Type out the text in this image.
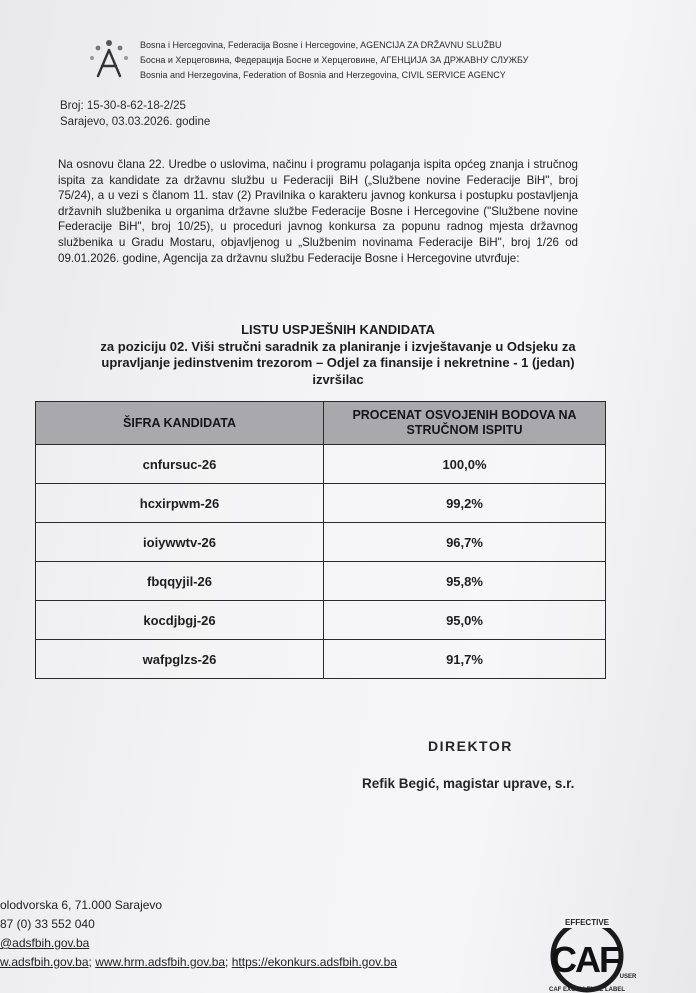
Bosna i Hercegovina, Federacija Bosne i Hercegovine, AGENCIJA ZA DRŽAVNU SLUŽBU
Босна и Херцеговина, Федерација Босне и Херцеговине, АГЕНЦИЈА ЗА ДРЖАВНУ СЛУЖБУ
Bosnia and Herzegovina, Federation of Bosnia and Herzegovina, CIVIL SERVICE AGENCY
Broj: 15-30-8-62-18-2/25
Sarajevo, 03.03.2026. godine
Na osnovu člana 22. Uredbe o uslovima, načinu i programu polaganja ispita općeg znanja i stručnog ispita za kandidate za državnu službu u Federaciji BiH („Službene novine Federacije BiH", broj 75/24), a u vezi s članom 11. stav (2) Pravilnika o karakteru javnog konkursa i postupku postavljenja državnih službenika u organima državne službe Federacije Bosne i Hercegovine ("Službene novine Federacije BiH", broj 10/25), u proceduri javnog konkursa za popunu radnog mjesta državnog službenika u Gradu Mostaru, objavljenog u „Službenim novinama Federacije BiH", broj 1/26 od 09.01.2026. godine, Agencija za državnu službu Federacije Bosne i Hercegovine utvrđuje:
LISTU USPJEŠNIH KANDIDATA
za poziciju 02. Viši stručni saradnik za planiranje i izvještavanje u Odsjeku za upravljanje jedinstvenim trezorom – Odjel za finansije i nekretnine - 1 (jedan) izvršilac
ŠIFRA KANDIDATA	PROCENAT OSVOJENIH BODOVA NA STRUČNOM ISPITU
cnfursuc-26	100,0%
hcxirpwm-26	99,2%
ioiywwtv-26	96,7%
fbqqyjil-26	95,8%
kocdjbgj-26	95,0%
wafpglzs-26	91,7%
DIREKTOR
Refik Begić, magistar uprave, s.r.
olodvorska 6, 71.000 Sarajevo
87 (0) 33 552 040
@adsfbih.gov.ba
w.adsfbih.gov.ba; www.hrm.adsfbih.gov.ba; https://ekonkurs.adsfbih.gov.ba
EFFECTIVE
CAF USER
CAF EXCELLENCE LABEL
